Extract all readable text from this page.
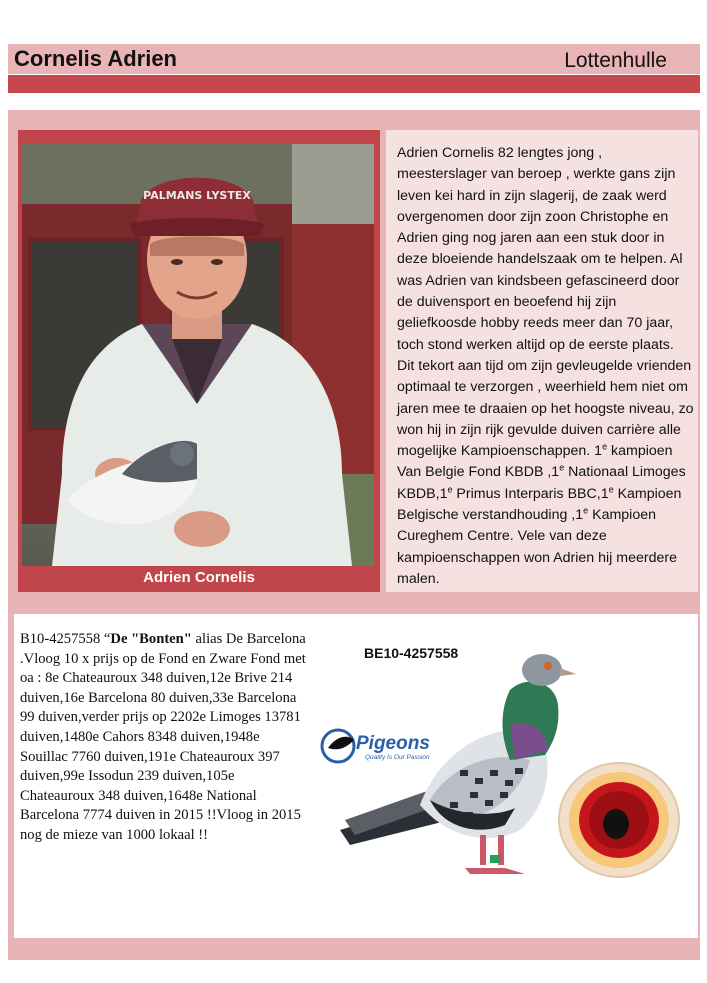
Cornelis Adrien	Lottenhulle
PALMANS LYSTEX
Adrien Cornelis
Adrien Cornelis 82 lengtes jong , meesterslager van beroep , werkte gans zijn leven kei hard in zijn slagerij, de zaak werd overgenomen door zijn zoon Christophe en Adrien ging nog jaren aan een stuk door in deze bloeiende handelszaak om te helpen. Al was Adrien van kindsbeen gefascineerd door de duivensport en beoefend hij zijn geliefkoosde hobby reeds meer dan 70 jaar, toch stond werken altijd op de eerste plaats. Dit tekort aan tijd om zijn gevleugelde vrienden optimaal te verzorgen , weerhield hem niet om jaren mee te draaien op het hoogste niveau, zo won hij in zijn rijk gevulde duiven carrière alle mogelijke Kampioenschappen. 1e kampioen Van Belgie Fond KBDB ,1e Nationaal Limoges KBDB,1e Primus Interparis BBC,1e Kampioen Belgische verstandhouding ,1e Kampioen Cureghem Centre. Vele van deze kampioenschappen won Adrien hij meerdere malen.
B10-4257558 “De "Bonten" alias De Barcelona .Vloog 10 x prijs op de Fond en Zware Fond met oa : 8e Chateauroux 348 duiven,12e Brive 214 duiven,16e Barcelona 80 duiven,33e Barcelona 99 duiven,verder prijs op 2202e Limoges 13781 duiven,1480e Cahors 8348 duiven,1948e Souillac 7760 duiven,191e Chateauroux 397 duiven,99e Issodun 239 duiven,105e Chateauroux 348 duiven,1648e National Barcelona 7774 duiven in 2015 !!Vloog in 2015 nog de mieze van 1000 lokaal !!
BE10-4257558
Pigeons
Quality Is Our Passion
